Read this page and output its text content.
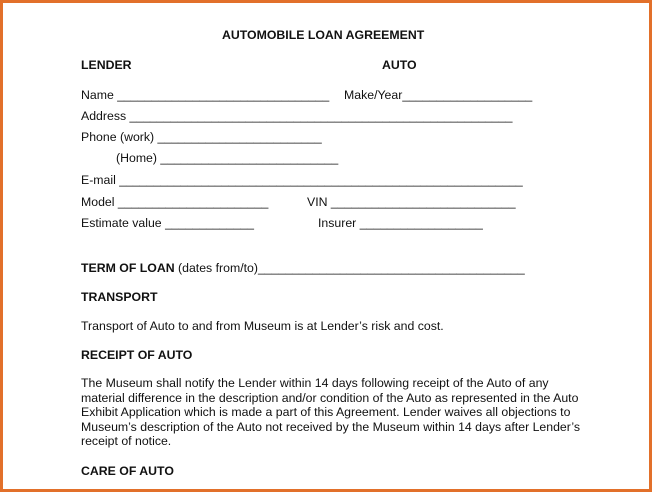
AUTOMOBILE LOAN AGREEMENT
LENDER	AUTO
Name _______________________________ Make/Year___________________
Address ________________________________________________________
Phone (work) ________________________
(Home) __________________________
E-mail ___________________________________________________________
Model ______________________	VIN ___________________________
Estimate value _____________	Insurer __________________
TERM OF LOAN (dates from/to)_______________________________________
TRANSPORT
Transport of Auto to and from Museum is at Lender’s risk and cost.
RECEIPT OF AUTO
The Museum shall notify the Lender within 14 days following receipt of the Auto of any material difference in the description and/or condition of the Auto as represented in the Auto Exhibit Application which is made a part of this Agreement. Lender waives all objections to Museum’s description of the Auto not received by the Museum within 14 days after Lender’s receipt of notice.
CARE OF AUTO
